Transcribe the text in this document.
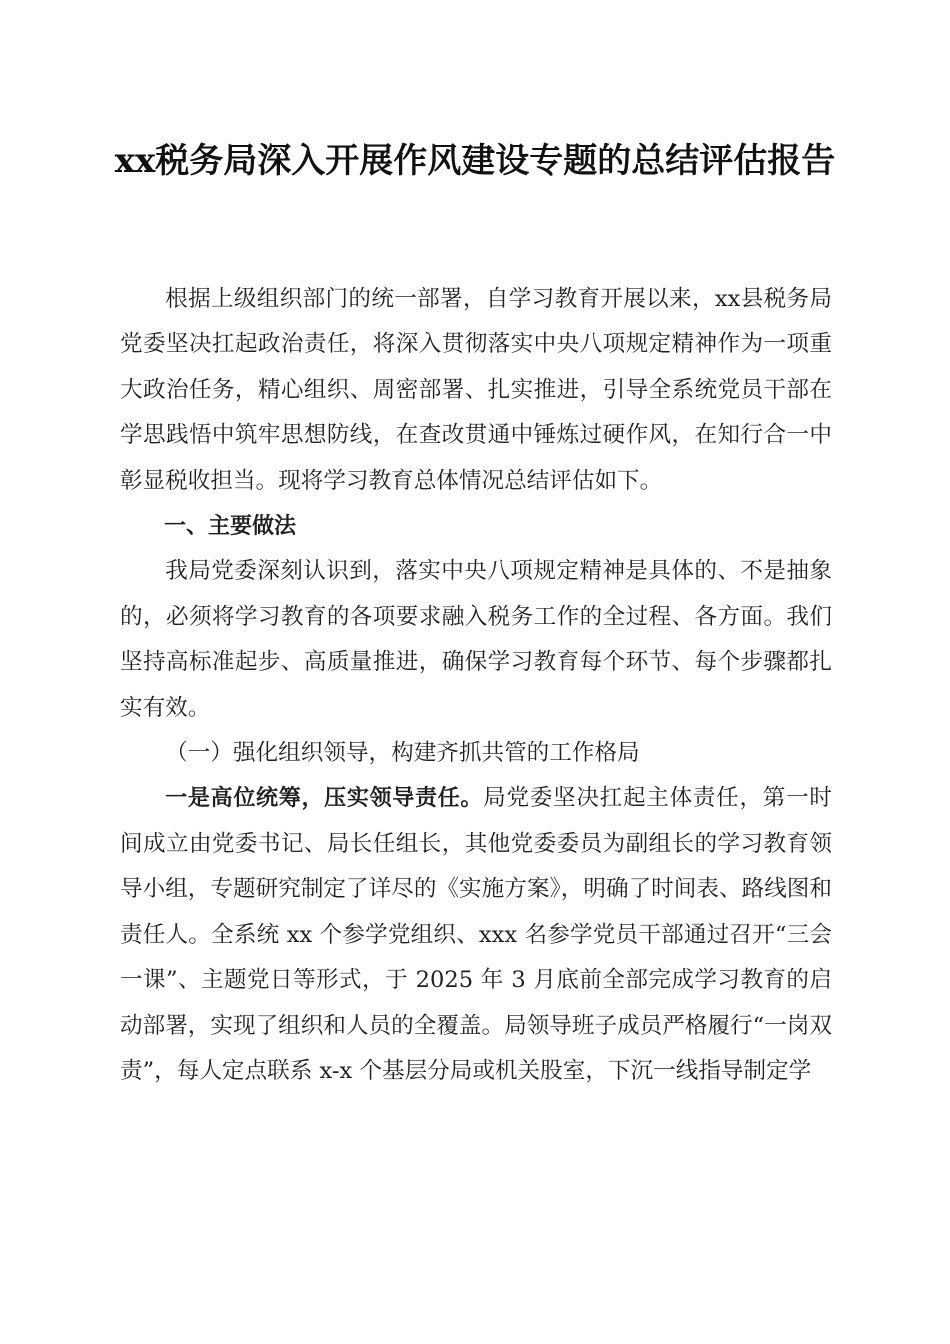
xx税务局深入开展作风建设专题的总结评估报告

根据上级组织部门的统一部署，自学习教育开展以来，xx县税务局党委坚决扛起政治责任，将深入贯彻落实中央八项规定精神作为一项重大政治任务，精心组织、周密部署、扎实推进，引导全系统党员干部在学思践悟中筑牢思想防线，在查改贯通中锤炼过硬作风，在知行合一中彰显税收担当。现将学习教育总体情况总结评估如下。

一、主要做法

我局党委深刻认识到，落实中央八项规定精神是具体的、不是抽象的，必须将学习教育的各项要求融入税务工作的全过程、各方面。我们坚持高标准起步、高质量推进，确保学习教育每个环节、每个步骤都扎实有效。

（一）强化组织领导，构建齐抓共管的工作格局

一是高位统筹，压实领导责任。局党委坚决扛起主体责任，第一时间成立由党委书记、局长任组长，其他党委委员为副组长的学习教育领导小组，专题研究制定了详尽的《实施方案》，明确了时间表、路线图和责任人。全系统 xx 个参学党组织、xxx 名参学党员干部通过召开“三会一课”、主题党日等形式，于 2025 年 3 月底前全部完成学习教育的启动部署，实现了组织和人员的全覆盖。局领导班子成员严格履行“一岗双责”，每人定点联系 x-x 个基层分局或机关股室，下沉一线指导制定学
